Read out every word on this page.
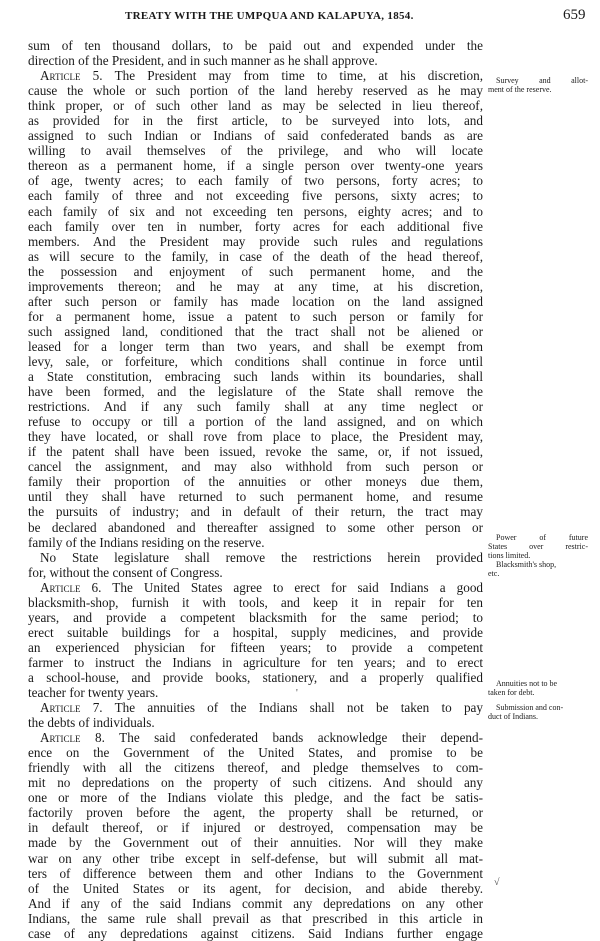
TREATY WITH THE UMPQUA AND KALAPUYA, 1854.	659
sum of ten thousand dollars, to be paid out and expended under the
direction of the President, and in such manner as he shall approve.
Article 5. The President may from time to time, at his discretion,
cause the whole or such portion of the land hereby reserved as he may
think proper, or of such other land as may be selected in lieu thereof,
as provided for in the first article, to be surveyed into lots, and
assigned to such Indian or Indians of said confederated bands as are
willing to avail themselves of the privilege, and who will locate
thereon as a permanent home, if a single person over twenty-one years
of age, twenty acres; to each family of two persons, forty acres; to
each family of three and not exceeding five persons, sixty acres; to
each family of six and not exceeding ten persons, eighty acres; and to
each family over ten in number, forty acres for each additional five
members. And the President may provide such rules and regulations
as will secure to the family, in case of the death of the head thereof,
the possession and enjoyment of such permanent home, and the
improvements thereon; and he may at any time, at his discretion,
after such person or family has made location on the land assigned
for a permanent home, issue a patent to such person or family for
such assigned land, conditioned that the tract shall not be aliened or
leased for a longer term than two years, and shall be exempt from
levy, sale, or forfeiture, which conditions shall continue in force until
a State constitution, embracing such lands within its boundaries, shall
have been formed, and the legislature of the State shall remove the
restrictions. And if any such family shall at any time neglect or
refuse to occupy or till a portion of the land assigned, and on which
they have located, or shall rove from place to place, the President may,
if the patent shall have been issued, revoke the same, or, if not issued,
cancel the assignment, and may also withhold from such person or
family their proportion of the annuities or other moneys due them,
until they shall have returned to such permanent home, and resume
the pursuits of industry; and in default of their return, the tract may
be declared abandoned and thereafter assigned to some other person or
family of the Indians residing on the reserve.
No State legislature shall remove the restrictions herein provided
for, without the consent of Congress.
Article 6. The United States agree to erect for said Indians a good
blacksmith-shop, furnish it with tools, and keep it in repair for ten
years, and provide a competent blacksmith for the same period; to
erect suitable buildings for a hospital, supply medicines, and provide
an experienced physician for fifteen years; to provide a competent
farmer to instruct the Indians in agriculture for ten years; and to erect
a school-house, and provide books, stationery, and a properly qualified
teacher for twenty years.
Article 7. The annuities of the Indians shall not be taken to pay
the debts of individuals.
Article 8. The said confederated bands acknowledge their depend-
ence on the Government of the United States, and promise to be
friendly with all the citizens thereof, and pledge themselves to com-
mit no depredations on the property of such citizens. And should any
one or more of the Indians violate this pledge, and the fact be satis-
factorily proven before the agent, the property shall be returned, or
in default thereof, or if injured or destroyed, compensation may be
made by the Government out of their annuities. Nor will they make
war on any other tribe except in self-defense, but will submit all mat-
ters of difference between them and other Indians to the Government
of the United States or its agent, for decision, and abide thereby.
And if any of the said Indians commit any depredations on any other
Indians, the same rule shall prevail as that prescribed in this article in
case of any depredations against citizens. Said Indians further engage
Survey and allot-
ment of the reserve.
Power of future
States over restric-
tions limited.
Blacksmith's shop,
etc.
Annuities not to be
taken for debt.
Submission and con-
duct of Indians.
'
√
